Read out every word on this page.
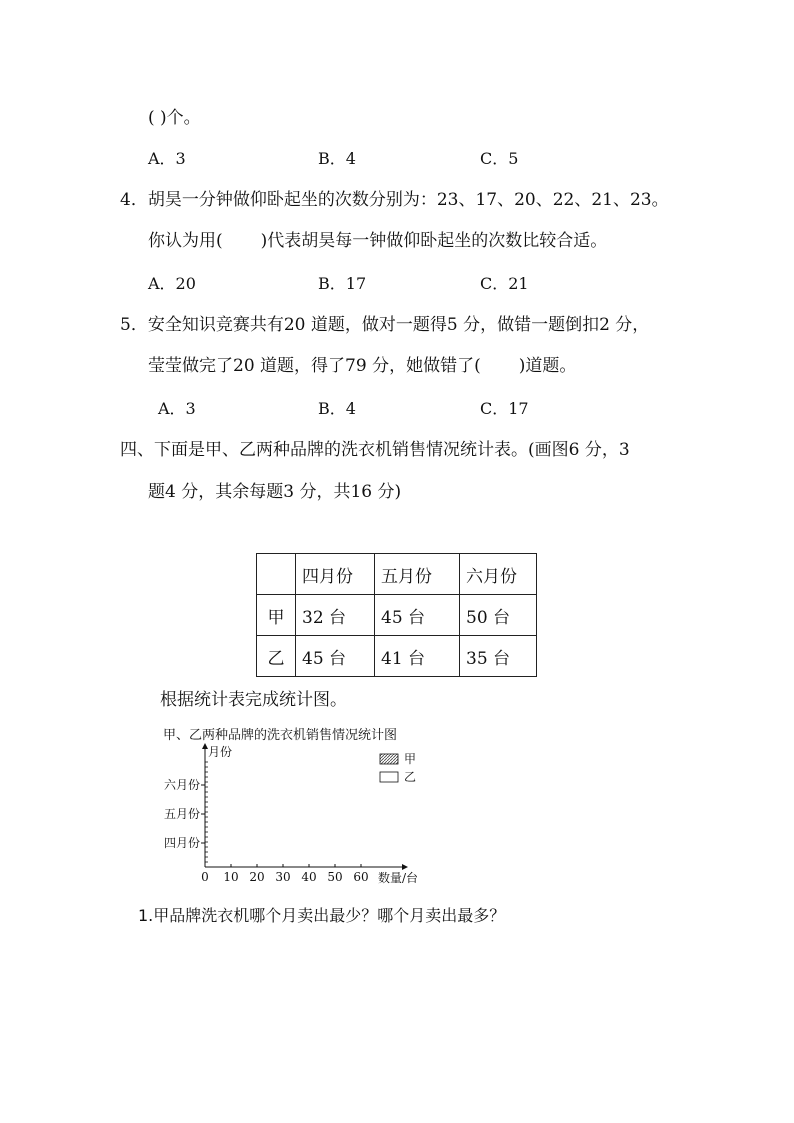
( )个。
A．3	B．4	C．5
4．胡昊一分钟做仰卧起坐的次数分别为：23、17、20、22、21、23。
你认为用( )代表胡昊每一钟做仰卧起坐的次数比较合适。
A．20	B．17	C．21
5．安全知识竞赛共有20 道题，做对一题得5 分，做错一题倒扣2 分，
莹莹做完了20 道题，得了79 分，她做错了( )道题。
A．3	B．4	C．17
四、下面是甲、乙两种品牌的洗衣机销售情况统计表。(画图6 分，3
题4 分，其余每题3 分，共16 分)
	四月份	五月份	六月份
甲	32 台	45 台	50 台
乙	45 台	41 台	35 台
根据统计表完成统计图。
甲、乙两种品牌的洗衣机销售情况统计图
甲
乙
月份
数量/台
0 10 20 30 40 50 60
四月份
五月份
六月份
1.甲品牌洗衣机哪个月卖出最少？哪个月卖出最多？
